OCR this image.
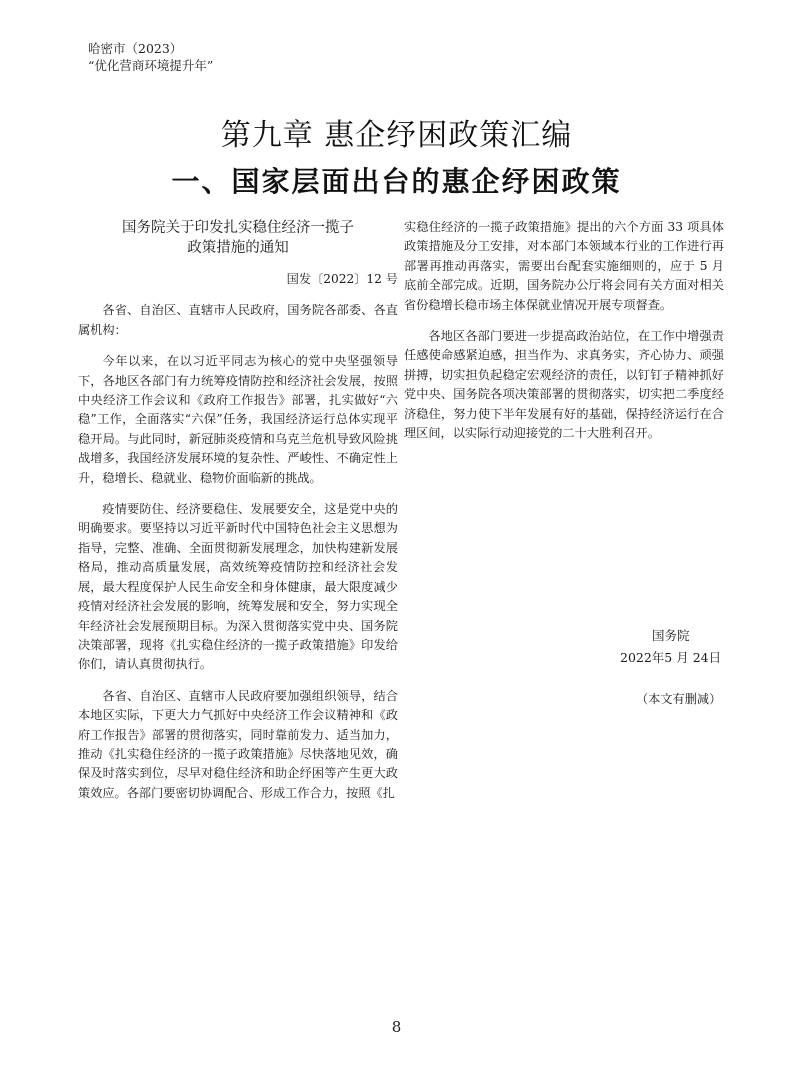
哈密市（2023）
“优化营商环境提升年”
第九章 惠企纾困政策汇编
一、国家层面出台的惠企纾困政策
国务院关于印发扎实稳住经济一揽子
政策措施的通知
国发〔2022〕12 号

各省、自治区、直辖市人民政府，国务院各部委、各直属机构：

今年以来，在以习近平同志为核心的党中央坚强领导下，各地区各部门有力统筹疫情防控和经济社会发展，按照中央经济工作会议和《政府工作报告》部署，扎实做好“六稳”工作，全面落实“六保”任务，我国经济运行总体实现平稳开局。与此同时，新冠肺炎疫情和乌克兰危机导致风险挑战增多，我国经济发展环境的复杂性、严峻性、不确定性上升，稳增长、稳就业、稳物价面临新的挑战。

疫情要防住、经济要稳住、发展要安全，这是党中央的明确要求。要坚持以习近平新时代中国特色社会主义思想为指导，完整、准确、全面贯彻新发展理念，加快构建新发展格局，推动高质量发展，高效统筹疫情防控和经济社会发展，最大程度保护人民生命安全和身体健康，最大限度减少疫情对经济社会发展的影响，统筹发展和安全，努力实现全年经济社会发展预期目标。为深入贯彻落实党中央、国务院决策部署，现将《扎实稳住经济的一揽子政策措施》印发给你们，请认真贯彻执行。

各省、自治区、直辖市人民政府要加强组织领导，结合本地区实际，下更大力气抓好中央经济工作会议精神和《政府工作报告》部署的贯彻落实，同时靠前发力、适当加力，推动《扎实稳住经济的一揽子政策措施》尽快落地见效，确保及时落实到位，尽早对稳住经济和助企纾困等产生更大政策效应。各部门要密切协调配合、形成工作合力，按照《扎

实稳住经济的一揽子政策措施》提出的六个方面 33 项具体政策措施及分工安排，对本部门本领域本行业的工作进行再部署再推动再落实，需要出台配套实施细则的，应于 5 月底前全部完成。近期，国务院办公厅将会同有关方面对相关省份稳增长稳市场主体保就业情况开展专项督查。

各地区各部门要进一步提高政治站位，在工作中增强责任感使命感紧迫感，担当作为、求真务实，齐心协力、顽强拼搏，切实担负起稳定宏观经济的责任，以钉钉子精神抓好党中央、国务院各项决策部署的贯彻落实，切实把二季度经济稳住，努力使下半年发展有好的基础，保持经济运行在合理区间，以实际行动迎接党的二十大胜利召开。

国务院
2022年5 月 24日
（本文有删减）
8
